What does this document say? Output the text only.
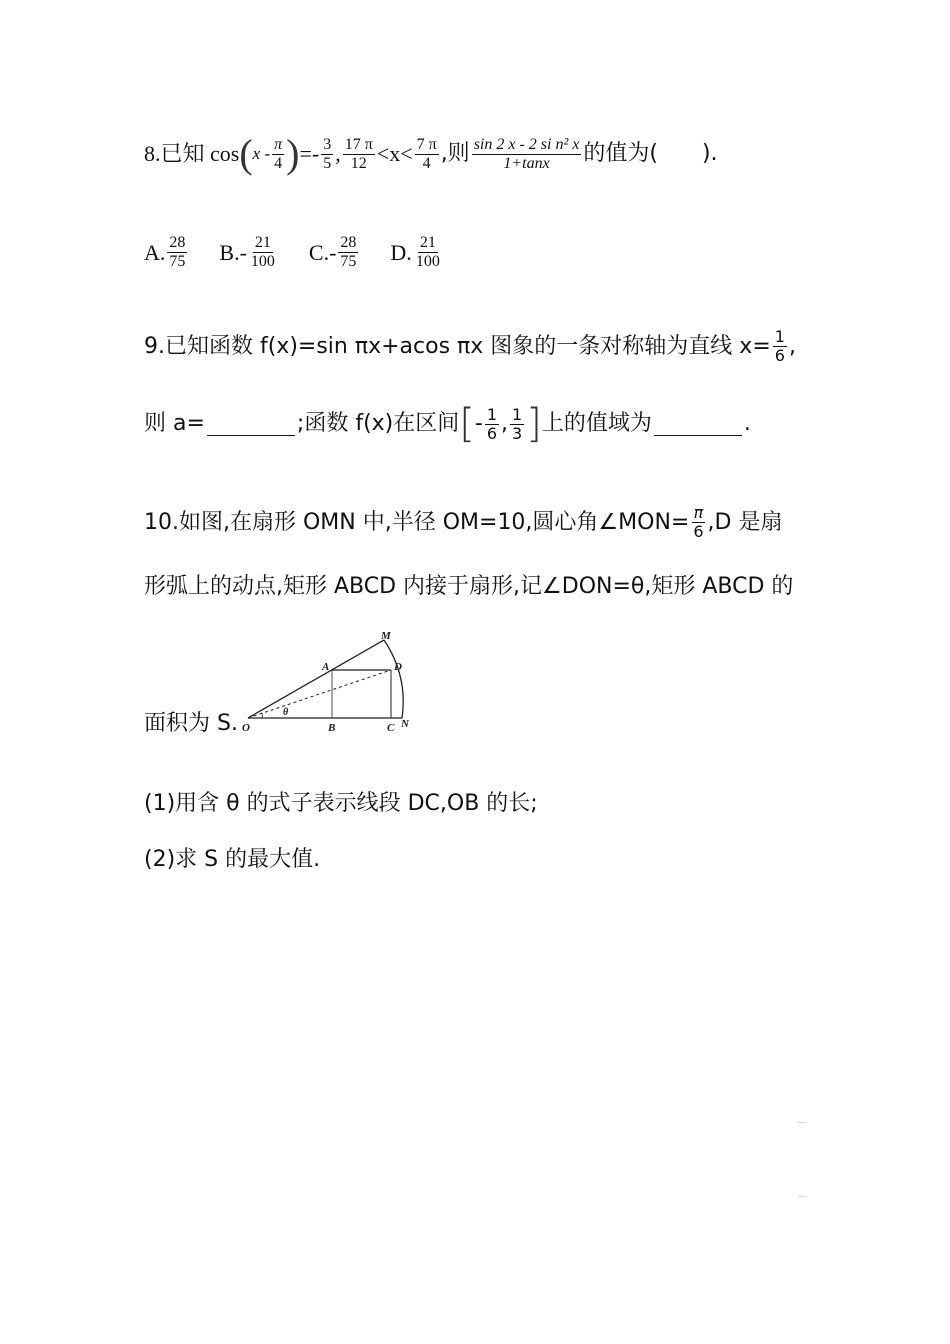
8.已知 cos ( x - $\frac{\pi}{4}$ ) =- $\frac{3}{5}$ , $\frac{17 \pi}{12} <x< \frac{7 \pi}{4}$ ,则 $\frac{\text{sin 2 x - 2 si n² x}}{1+\tan x}$ 的值为(　　).
A. $\frac{28}{75} B$. - $\frac{21}{100} C$. - $\frac{28}{75} D$. $\frac{21}{100}$
9.已知函数 f(x)=sin πx+acos πx 图象的一条对称轴为直线 $x= \frac{1}{6}$ ,
则 a=	;函数 f(x)在区间 [ - $\frac{1}{6}$ , $\frac{1}{3}$ ] 上的值域为	.
10.如图,在扇形 OMN 中,半径 OM=10,圆心角∠MON= $\frac{\pi}{6} ,D$ 是扇
形弧上的动点,矩形 ABCD 内接于扇形,记∠DON=θ,矩形 ABCD 的
面积为 S. O
A
B	C
D
M
N
θ
(1)用含 θ 的式子表示线段 DC,OB 的长;
(2)求 S 的最大值.
....
....
